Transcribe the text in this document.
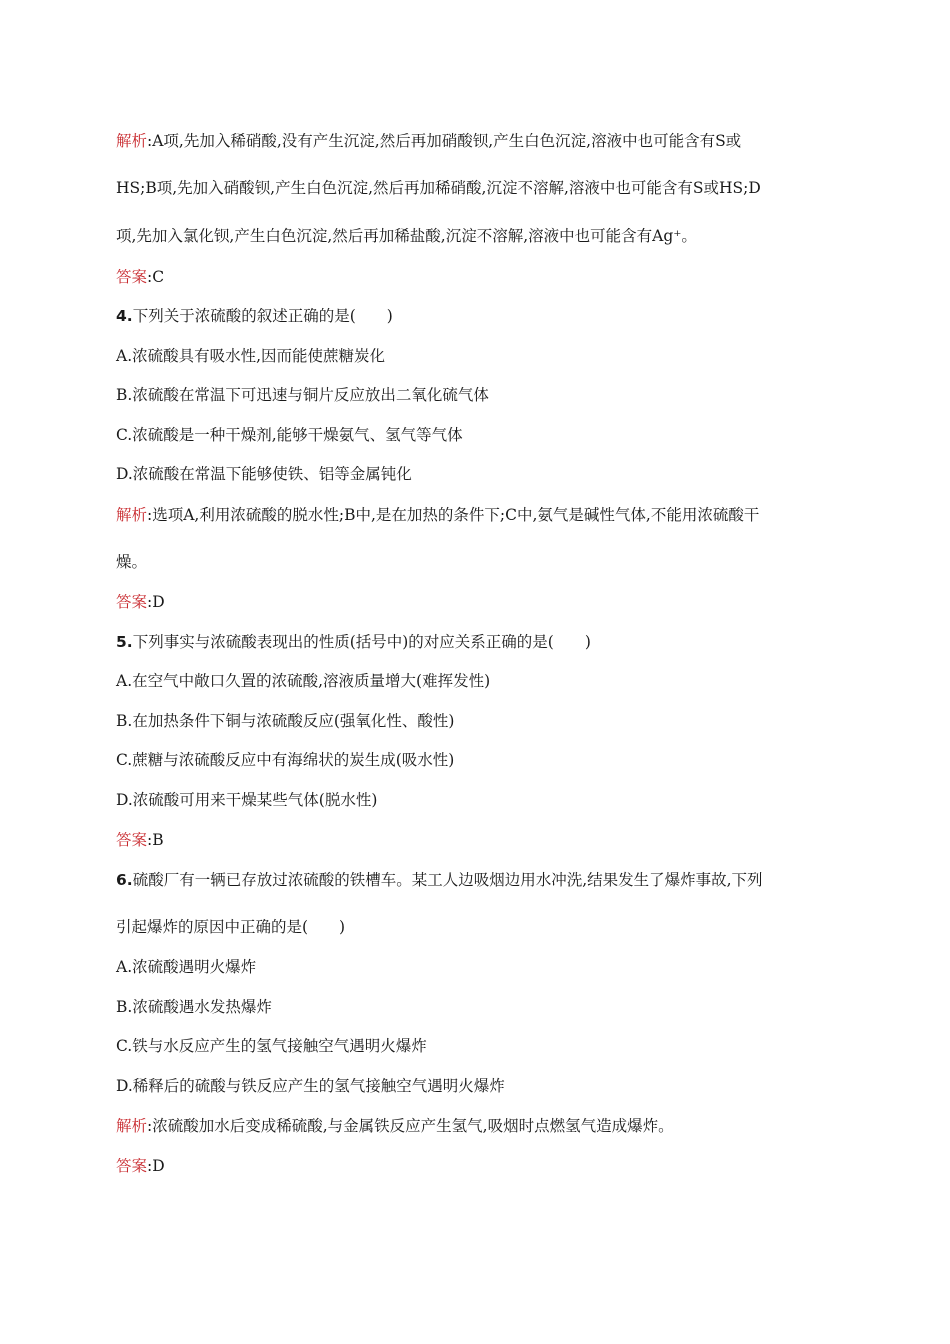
解析:A项,先加入稀硝酸,没有产生沉淀,然后再加硝酸钡,产生白色沉淀,溶液中也可能含有S或
HS;B项,先加入硝酸钡,产生白色沉淀,然后再加稀硝酸,沉淀不溶解,溶液中也可能含有S或HS;D
项,先加入氯化钡,产生白色沉淀,然后再加稀盐酸,沉淀不溶解,溶液中也可能含有Ag⁺。
答案:C
4.下列关于浓硫酸的叙述正确的是(　　)
A.浓硫酸具有吸水性,因而能使蔗糖炭化
B.浓硫酸在常温下可迅速与铜片反应放出二氧化硫气体
C.浓硫酸是一种干燥剂,能够干燥氨气、氢气等气体
D.浓硫酸在常温下能够使铁、铝等金属钝化
解析:选项A,利用浓硫酸的脱水性;B中,是在加热的条件下;C中,氨气是碱性气体,不能用浓硫酸干
燥。
答案:D
5.下列事实与浓硫酸表现出的性质(括号中)的对应关系正确的是(　　)
A.在空气中敞口久置的浓硫酸,溶液质量增大(难挥发性)
B.在加热条件下铜与浓硫酸反应(强氧化性、酸性)
C.蔗糖与浓硫酸反应中有海绵状的炭生成(吸水性)
D.浓硫酸可用来干燥某些气体(脱水性)
答案:B
6.硫酸厂有一辆已存放过浓硫酸的铁槽车。某工人边吸烟边用水冲洗,结果发生了爆炸事故,下列
引起爆炸的原因中正确的是(　　)
A.浓硫酸遇明火爆炸
B.浓硫酸遇水发热爆炸
C.铁与水反应产生的氢气接触空气遇明火爆炸
D.稀释后的硫酸与铁反应产生的氢气接触空气遇明火爆炸
解析:浓硫酸加水后变成稀硫酸,与金属铁反应产生氢气,吸烟时点燃氢气造成爆炸。
答案:D
